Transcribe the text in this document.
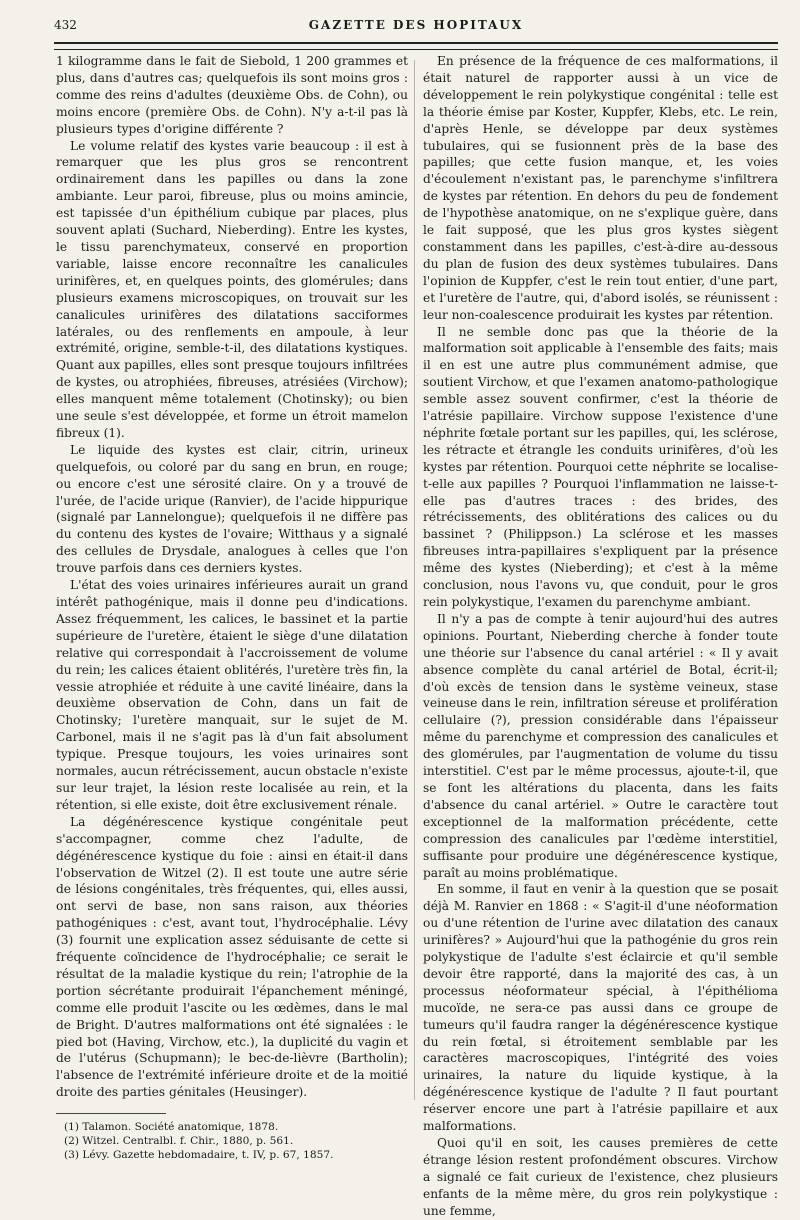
432	GAZETTE DES HOPITAUX

1 kilogramme dans le fait de Siebold, 1 200 grammes et plus, dans d'autres cas; quelquefois ils sont moins gros : comme des reins d'adultes (deuxième Obs. de Cohn), ou moins encore (première Obs. de Cohn). N'y a-t-il pas là plusieurs types d'origine différente ?

Le volume relatif des kystes varie beaucoup : il est à remarquer que les plus gros se rencontrent ordinairement dans les papilles ou dans la zone ambiante. Leur paroi, fibreuse, plus ou moins amincie, est tapissée d'un épithélium cubique par places, plus souvent aplati (Suchard, Nieberding). Entre les kystes, le tissu parenchymateux, conservé en proportion variable, laisse encore reconnaître les canalicules urinifères, et, en quelques points, des glomérules; dans plusieurs examens microscopiques, on trouvait sur les canalicules urinifères des dilatations sacciformes latérales, ou des renflements en ampoule, à leur extrémité, origine, semble-t-il, des dilatations kystiques. Quant aux papilles, elles sont presque toujours infiltrées de kystes, ou atrophiées, fibreuses, atrésiées (Virchow); elles manquent même totalement (Chotinsky); ou bien une seule s'est développée, et forme un étroit mamelon fibreux (1).

Le liquide des kystes est clair, citrin, urineux quelquefois, ou coloré par du sang en brun, en rouge; ou encore c'est une sérosité claire. On y a trouvé de l'urée, de l'acide urique (Ranvier), de l'acide hippurique (signalé par Lannelongue); quelquefois il ne diffère pas du contenu des kystes de l'ovaire; Witthaus y a signalé des cellules de Drysdale, analogues à celles que l'on trouve parfois dans ces derniers kystes.

L'état des voies urinaires inférieures aurait un grand intérêt pathogénique, mais il donne peu d'indications. Assez fréquemment, les calices, le bassinet et la partie supérieure de l'uretère, étaient le siège d'une dilatation relative qui correspondait à l'accroissement de volume du rein; les calices étaient oblitérés, l'uretère très fin, la vessie atrophiée et réduite à une cavité linéaire, dans la deuxième observation de Cohn, dans un fait de Chotinsky; l'uretère manquait, sur le sujet de M. Carbonel, mais il ne s'agit pas là d'un fait absolument typique. Presque toujours, les voies urinaires sont normales, aucun rétrécissement, aucun obstacle n'existe sur leur trajet, la lésion reste localisée au rein, et la rétention, si elle existe, doit être exclusivement rénale.

La dégénérescence kystique congénitale peut s'accompagner, comme chez l'adulte, de dégénérescence kystique du foie : ainsi en était-il dans l'observation de Witzel (2). Il est toute une autre série de lésions congénitales, très fréquentes, qui, elles aussi, ont servi de base, non sans raison, aux théories pathogéniques : c'est, avant tout, l'hydrocéphalie. Lévy (3) fournit une explication assez séduisante de cette si fréquente coïncidence de l'hydrocéphalie; ce serait le résultat de la maladie kystique du rein; l'atrophie de la portion sécrétante produirait l'épanchement méningé, comme elle produit l'ascite ou les œdèmes, dans le mal de Bright. D'autres malformations ont été signalées : le pied bot (Having, Virchow, etc.), la duplicité du vagin et de l'utérus (Schupmann); le bec-de-lièvre (Bartholin); l'absence de l'extrémité inférieure droite et de la moitié droite des parties génitales (Heusinger).

(1) Talamon. Société anatomique, 1878.
(2) Witzel. Centralbl. f. Chir., 1880, p. 561.
(3) Lévy. Gazette hebdomadaire, t. IV, p. 67, 1857.

En présence de la fréquence de ces malformations, il était naturel de rapporter aussi à un vice de développement le rein polykystique congénital : telle est la théorie émise par Koster, Kuppfer, Klebs, etc. Le rein, d'après Henle, se développe par deux systèmes tubulaires, qui se fusionnent près de la base des papilles; que cette fusion manque, et, les voies d'écoulement n'existant pas, le parenchyme s'infiltrera de kystes par rétention. En dehors du peu de fondement de l'hypothèse anatomique, on ne s'explique guère, dans le fait supposé, que les plus gros kystes siègent constamment dans les papilles, c'est-à-dire au-dessous du plan de fusion des deux systèmes tubulaires. Dans l'opinion de Kuppfer, c'est le rein tout entier, d'une part, et l'uretère de l'autre, qui, d'abord isolés, se réunissent : leur non-coalescence produirait les kystes par rétention.

Il ne semble donc pas que la théorie de la malformation soit applicable à l'ensemble des faits; mais il en est une autre plus communément admise, que soutient Virchow, et que l'examen anatomo-pathologique semble assez souvent confirmer, c'est la théorie de l'atrésie papillaire. Virchow suppose l'existence d'une néphrite fœtale portant sur les papilles, qui, les sclérose, les rétracte et étrangle les conduits urinifères, d'où les kystes par rétention. Pourquoi cette néphrite se localise-t-elle aux papilles ? Pourquoi l'inflammation ne laisse-t-elle pas d'autres traces : des brides, des rétrécissements, des oblitérations des calices ou du bassinet ? (Philippson.) La sclérose et les masses fibreuses intra-papillaires s'expliquent par la présence même des kystes (Nieberding); et c'est à la même conclusion, nous l'avons vu, que conduit, pour le gros rein polykystique, l'examen du parenchyme ambiant.

Il n'y a pas de compte à tenir aujourd'hui des autres opinions. Pourtant, Nieberding cherche à fonder toute une théorie sur l'absence du canal artériel : « Il y avait absence complète du canal artériel de Botal, écrit-il; d'où excès de tension dans le système veineux, stase veineuse dans le rein, infiltration séreuse et prolifération cellulaire (?), pression considérable dans l'épaisseur même du parenchyme et compression des canalicules et des glomérules, par l'augmentation de volume du tissu interstitiel. C'est par le même processus, ajoute-t-il, que se font les altérations du placenta, dans les faits d'absence du canal artériel. » Outre le caractère tout exceptionnel de la malformation précédente, cette compression des canalicules par l'œdème interstitiel, suffisante pour produire une dégénérescence kystique, paraît au moins problématique.

En somme, il faut en venir à la question que se posait déjà M. Ranvier en 1868 : « S'agit-il d'une néoformation ou d'une rétention de l'urine avec dilatation des canaux urinifères? » Aujourd'hui que la pathogénie du gros rein polykystique de l'adulte s'est éclaircie et qu'il semble devoir être rapporté, dans la majorité des cas, à un processus néoformateur spécial, à l'épithélioma mucoïde, ne sera-ce pas aussi dans ce groupe de tumeurs qu'il faudra ranger la dégénérescence kystique du rein fœtal, si étroitement semblable par les caractères macroscopiques, l'intégrité des voies urinaires, la nature du liquide kystique, à la dégénérescence kystique de l'adulte ? Il faut pourtant réserver encore une part à l'atrésie papillaire et aux malformations.

Quoi qu'il en soit, les causes premières de cette étrange lésion restent profondément obscures. Virchow a signalé ce fait curieux de l'existence, chez plusieurs enfants de la même mère, du gros rein polykystique : une femme,
